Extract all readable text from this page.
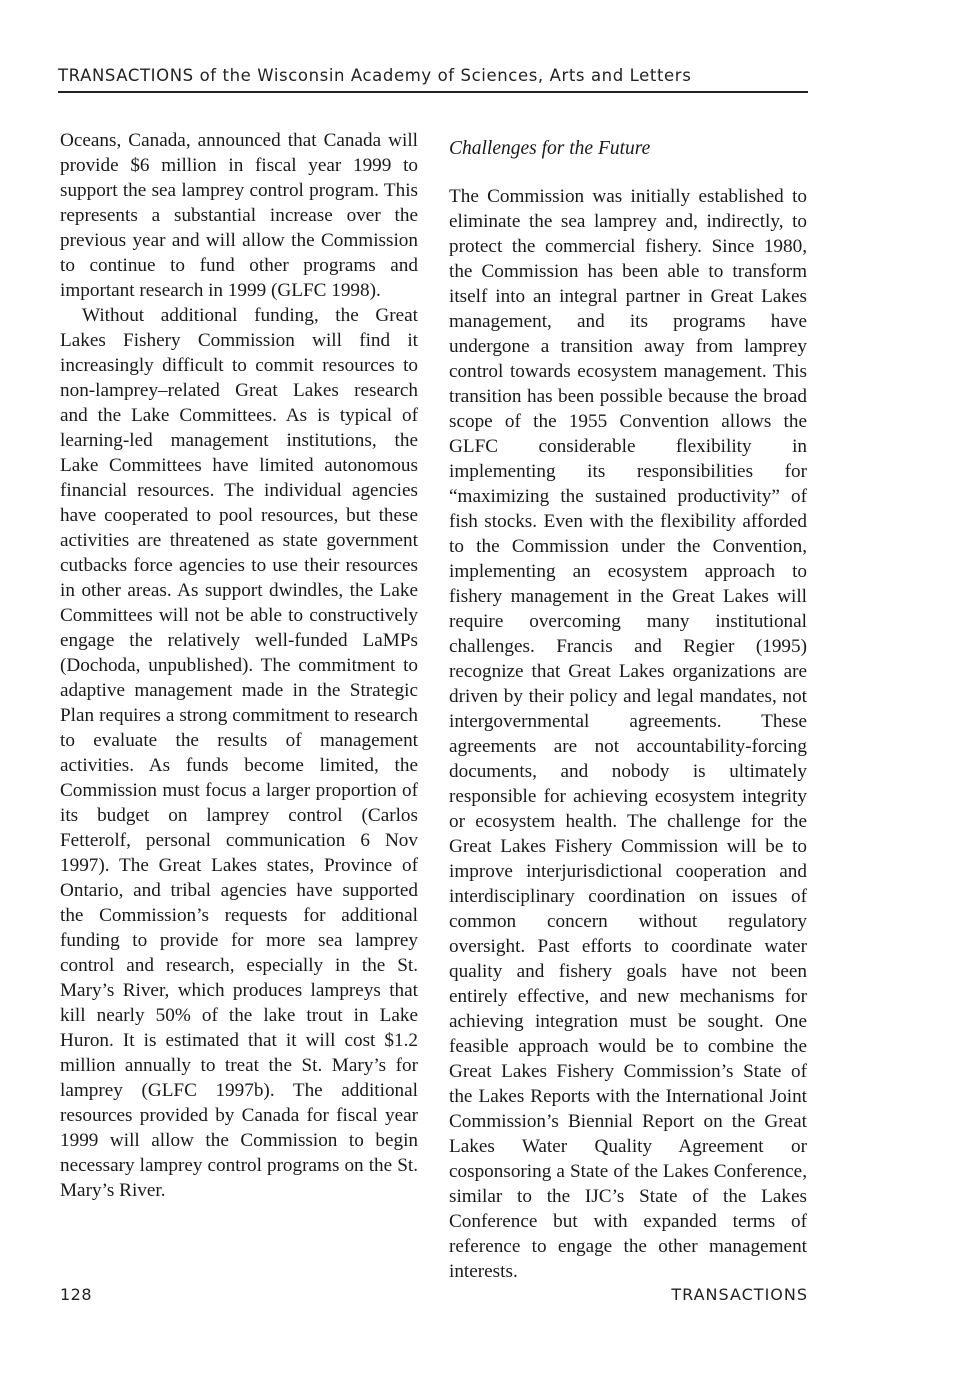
TRANSACTIONS of the Wisconsin Academy of Sciences, Arts and Letters

Oceans, Canada, announced that Canada will provide $6 million in fiscal year 1999 to support the sea lamprey control program. This represents a substantial increase over the previous year and will allow the Commission to continue to fund other programs and important research in 1999 (GLFC 1998).

Without additional funding, the Great Lakes Fishery Commission will find it increasingly difficult to commit resources to non-lamprey–related Great Lakes research and the Lake Committees. As is typical of learning-led management institutions, the Lake Committees have limited autonomous financial resources. The individual agencies have cooperated to pool resources, but these activities are threatened as state government cutbacks force agencies to use their resources in other areas. As support dwindles, the Lake Committees will not be able to constructively engage the relatively well-funded LaMPs (Dochoda, unpublished). The commitment to adaptive management made in the Strategic Plan requires a strong commitment to research to evaluate the results of management activities. As funds become limited, the Commission must focus a larger proportion of its budget on lamprey control (Carlos Fetterolf, personal communication 6 Nov 1997). The Great Lakes states, Province of Ontario, and tribal agencies have supported the Commission’s requests for additional funding to provide for more sea lamprey control and research, especially in the St. Mary’s River, which produces lampreys that kill nearly 50% of the lake trout in Lake Huron. It is estimated that it will cost $1.2 million annually to treat the St. Mary’s for lamprey (GLFC 1997b). The additional resources provided by Canada for fiscal year 1999 will allow the Commission to begin necessary lamprey control programs on the St. Mary’s River.

Challenges for the Future

The Commission was initially established to eliminate the sea lamprey and, indirectly, to protect the commercial fishery. Since 1980, the Commission has been able to transform itself into an integral partner in Great Lakes management, and its programs have undergone a transition away from lamprey control towards ecosystem management. This transition has been possible because the broad scope of the 1955 Convention allows the GLFC considerable flexibility in implementing its responsibilities for “maximizing the sustained productivity” of fish stocks. Even with the flexibility afforded to the Commission under the Convention, implementing an ecosystem approach to fishery management in the Great Lakes will require overcoming many institutional challenges. Francis and Regier (1995) recognize that Great Lakes organizations are driven by their policy and legal mandates, not intergovernmental agreements. These agreements are not accountability-forcing documents, and nobody is ultimately responsible for achieving ecosystem integrity or ecosystem health. The challenge for the Great Lakes Fishery Commission will be to improve interjurisdictional cooperation and interdisciplinary coordination on issues of common concern without regulatory oversight. Past efforts to coordinate water quality and fishery goals have not been entirely effective, and new mechanisms for achieving integration must be sought. One feasible approach would be to combine the Great Lakes Fishery Commission’s State of the Lakes Reports with the International Joint Commission’s Biennial Report on the Great Lakes Water Quality Agreement or cosponsoring a State of the Lakes Conference, similar to the IJC’s State of the Lakes Conference but with expanded terms of reference to engage the other management interests.

128	TRANSACTIONS
